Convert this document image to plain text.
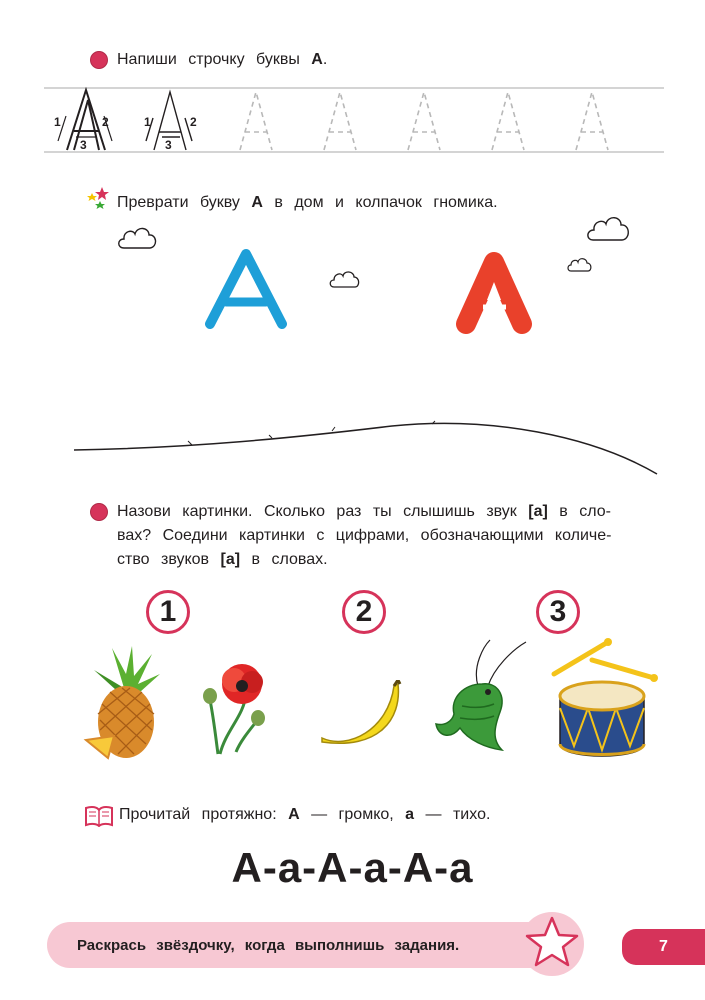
Напиши строчку буквы А.
1	2
3
1	2
3
Преврати букву А в дом и колпачок гномика.
Назови картинки. Сколько раз ты слышишь звук [а] в сло-
вах? Соедини картинки с цифрами, обозначающими количе-
ство звуков [а] в словах.
1	2	3
Прочитай протяжно: А — громко, а — тихо.
А-а-А-а-А-а
Раскрась звёздочку, когда выполнишь задания.	7
